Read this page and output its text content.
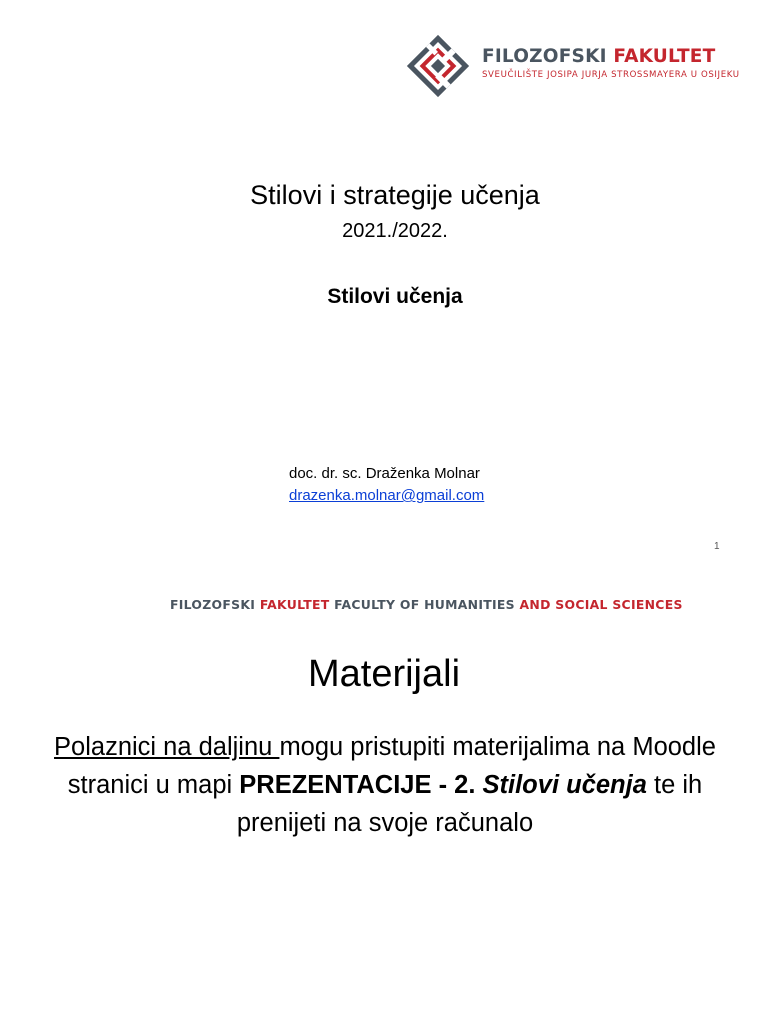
FILOZOFSKI FAKULTET
SVEUČILIŠTE JOSIPA JURJA STROSSMAYERA U OSIJEKU
Stilovi i strategije učenja
2021./2022.
Stilovi učenja
doc. dr. sc. Draženka Molnar
drazenka.molnar@gmail.com
1
FILOZOFSKI FAKULTET FACULTY OF HUMANITIES AND SOCIAL SCIENCES
Materijali
Polaznici na daljinu mogu pristupiti materijalima na Moodle stranici u mapi PREZENTACIJE - 2. Stilovi učenja te ih prenijeti na svoje računalo
